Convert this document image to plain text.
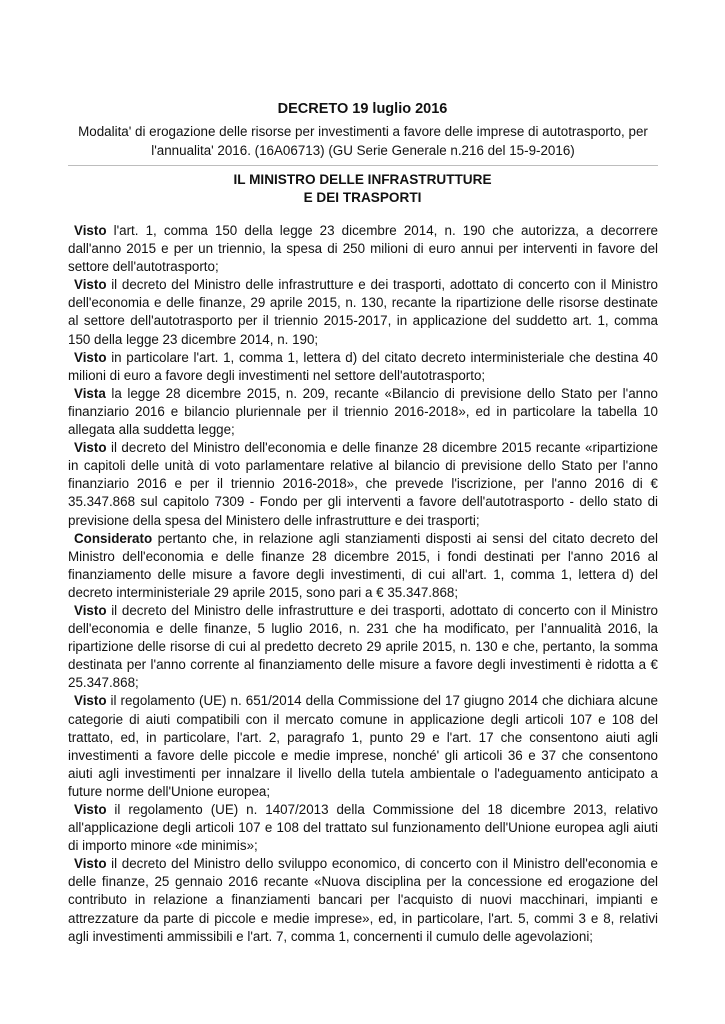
DECRETO 19 luglio 2016
Modalita' di erogazione delle risorse per investimenti a favore delle imprese di autotrasporto, per l'annualita' 2016. (16A06713) (GU Serie Generale n.216 del 15-9-2016)
IL MINISTRO DELLE INFRASTRUTTURE
E DEI TRASPORTI

Visto l'art. 1, comma 150 della legge 23 dicembre 2014, n. 190 che autorizza, a decorrere dall'anno 2015 e per un triennio, la spesa di 250 milioni di euro annui per interventi in favore del settore dell'autotrasporto;

Visto il decreto del Ministro delle infrastrutture e dei trasporti, adottato di concerto con il Ministro dell'economia e delle finanze, 29 aprile 2015, n. 130, recante la ripartizione delle risorse destinate al settore dell'autotrasporto per il triennio 2015-2017, in applicazione del suddetto art. 1, comma 150 della legge 23 dicembre 2014, n. 190;

Visto in particolare l'art. 1, comma 1, lettera d) del citato decreto interministeriale che destina 40 milioni di euro a favore degli investimenti nel settore dell'autotrasporto;

Vista la legge 28 dicembre 2015, n. 209, recante «Bilancio di previsione dello Stato per l'anno finanziario 2016 e bilancio pluriennale per il triennio 2016-2018», ed in particolare la tabella 10 allegata alla suddetta legge;

Visto il decreto del Ministro dell'economia e delle finanze 28 dicembre 2015 recante «ripartizione in capitoli delle unità di voto parlamentare relative al bilancio di previsione dello Stato per l'anno finanziario 2016 e per il triennio 2016-2018», che prevede l'iscrizione, per l'anno 2016 di € 35.347.868 sul capitolo 7309 - Fondo per gli interventi a favore dell'autotrasporto - dello stato di previsione della spesa del Ministero delle infrastrutture e dei trasporti;

Considerato pertanto che, in relazione agli stanziamenti disposti ai sensi del citato decreto del Ministro dell'economia e delle finanze 28 dicembre 2015, i fondi destinati per l'anno 2016 al finanziamento delle misure a favore degli investimenti, di cui all'art. 1, comma 1, lettera d) del decreto interministeriale 29 aprile 2015, sono pari a € 35.347.868;

Visto il decreto del Ministro delle infrastrutture e dei trasporti, adottato di concerto con il Ministro dell'economia e delle finanze, 5 luglio 2016, n. 231 che ha modificato, per l’annualità 2016, la ripartizione delle risorse di cui al predetto decreto 29 aprile 2015, n. 130 e che, pertanto, la somma destinata per l'anno corrente al finanziamento delle misure a favore degli investimenti è ridotta a € 25.347.868;

Visto il regolamento (UE) n. 651/2014 della Commissione del 17 giugno 2014 che dichiara alcune categorie di aiuti compatibili con il mercato comune in applicazione degli articoli 107 e 108 del trattato, ed, in particolare, l'art. 2, paragrafo 1, punto 29 e l'art. 17 che consentono aiuti agli investimenti a favore delle piccole e medie imprese, nonché' gli articoli 36 e 37 che consentono aiuti agli investimenti per innalzare il livello della tutela ambientale o l'adeguamento anticipato a future norme dell'Unione europea;

Visto il regolamento (UE) n. 1407/2013 della Commissione del 18 dicembre 2013, relativo all'applicazione degli articoli 107 e 108 del trattato sul funzionamento dell'Unione europea agli aiuti di importo minore «de minimis»;

Visto il decreto del Ministro dello sviluppo economico, di concerto con il Ministro dell'economia e delle finanze, 25 gennaio 2016 recante «Nuova disciplina per la concessione ed erogazione del contributo in relazione a finanziamenti bancari per l'acquisto di nuovi macchinari, impianti e attrezzature da parte di piccole e medie imprese», ed, in particolare, l'art. 5, commi 3 e 8, relativi agli investimenti ammissibili e l'art. 7, comma 1, concernenti il cumulo delle agevolazioni;
